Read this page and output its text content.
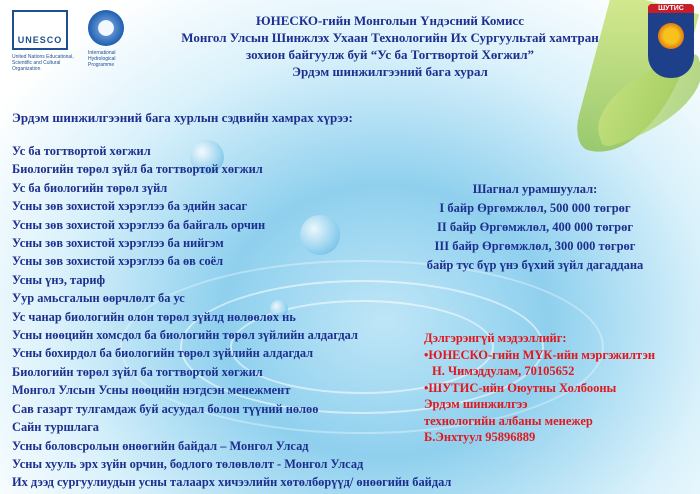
UNESCO
United Nations Educational, Scientific and Cultural Organization
International Hydrological Programme
ШУТИС
ЮНЕСКО-гийн Монголын Үндэсний Комисс
Монгол Улсын Шинжлэх Ухаан Технологийн Их Сургуультай хамтран
зохион байгуулж буй “Ус ба Тогтвортой Хөгжил”
Эрдэм шинжилгээний бага хурал
Эрдэм шинжилгээний бага хурлын сэдвийн хамрах хүрээ:
Ус ба тогтвортой хөгжил
Биологийн төрөл зүйл ба тогтвортой хөгжил
Ус ба биологийн төрөл зүйл
Усны зөв зохистой хэрэглээ ба эдийн засаг
Усны зөв зохистой хэрэглээ ба байгаль орчин
Усны зөв зохистой хэрэглээ ба нийгэм
Усны зөв зохистой хэрэглээ ба өв соёл
Усны үнэ, тариф
Уур амьсгалын өөрчлөлт ба ус
Ус чанар биологийн олон төрөл зүйлд нөлөөлөх нь
Усны нөөцийн хомсдол ба биологийн төрөл зүйлийн алдагдал
Усны бохирдол ба биологийн төрөл зүйлийн алдагдал
Биологийн төрөл зүйл ба тогтвортой хөгжил
Монгол Улсын Усны нөөцийн нэгдсэн менежмент
Сав газарт тулгамдаж буй асуудал болон түүний нөлөө
Сайн туршлага
Усны боловсролын өнөөгийн байдал – Монгол Улсад
Усны хууль эрх зүйн орчин, бодлого төлөвлөлт - Монгол Улсад
Их дээд сургуулиудын усны талаарх хичээлийн хөтөлбөрүүд/ өнөөгийн байдал
Шагнал урамшуулал:
I байр Өргөмжлөл, 500 000 төгрөг
II байр Өргөмжлөл, 400 000 төгрөг
III байр Өргөмжлөл, 300 000 төгрөг
байр тус бүр үнэ бүхий зүйл дагаддана
Дэлгэрэнгүй мэдээллийг:
•ЮНЕСКО-гийн МҮК-ийн мэргэжилтэн
Н. Чимэддулам, 70105652
•ШУТИС-ийн Оюутны Холбооны
Эрдэм шинжилгээ
технологийн албаны менежер
Б.Энхтуул 95896889
